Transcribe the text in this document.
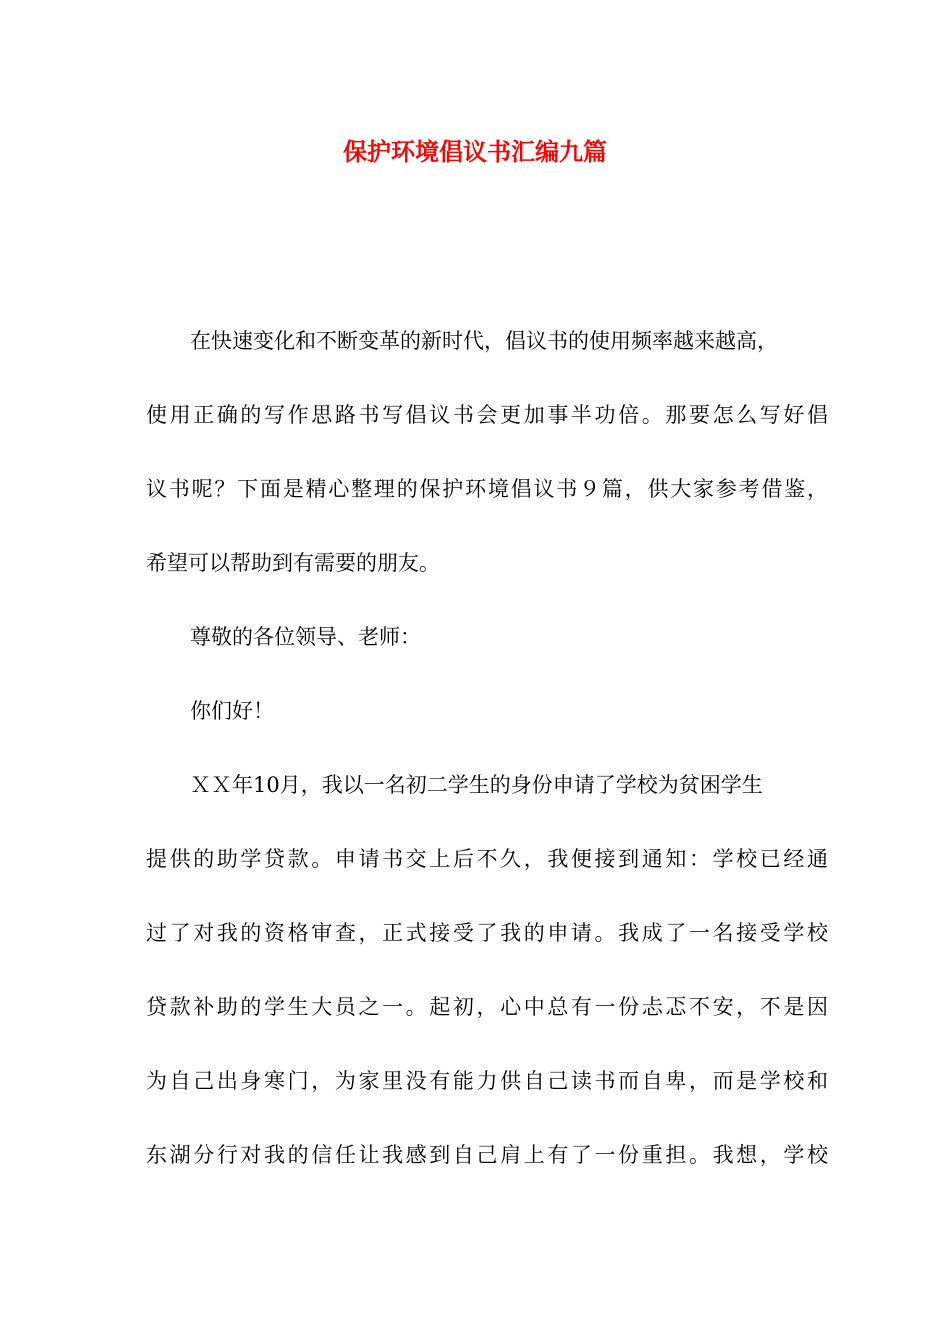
保护环境倡议书汇编九篇
在快速变化和不断变革的新时代，倡议书的使用频率越来越高，
使用正确的写作思路书写倡议书会更加事半功倍。那要怎么写好倡
议书呢？下面是精心整理的保护环境倡议书９篇，供大家参考借鉴，
希望可以帮助到有需要的朋友。
尊敬的各位领导、老师：
你们好！
ＸＸ年10月，我以一名初二学生的身份申请了学校为贫困学生
提供的助学贷款。申请书交上后不久，我便接到通知：学校已经通
过了对我的资格审查，正式接受了我的申请。我成了一名接受学校
贷款补助的学生大员之一。起初，心中总有一份忐忑不安，不是因
为自己出身寒门，为家里没有能力供自己读书而自卑，而是学校和
东湖分行对我的信任让我感到自己肩上有了一份重担。我想，学校
